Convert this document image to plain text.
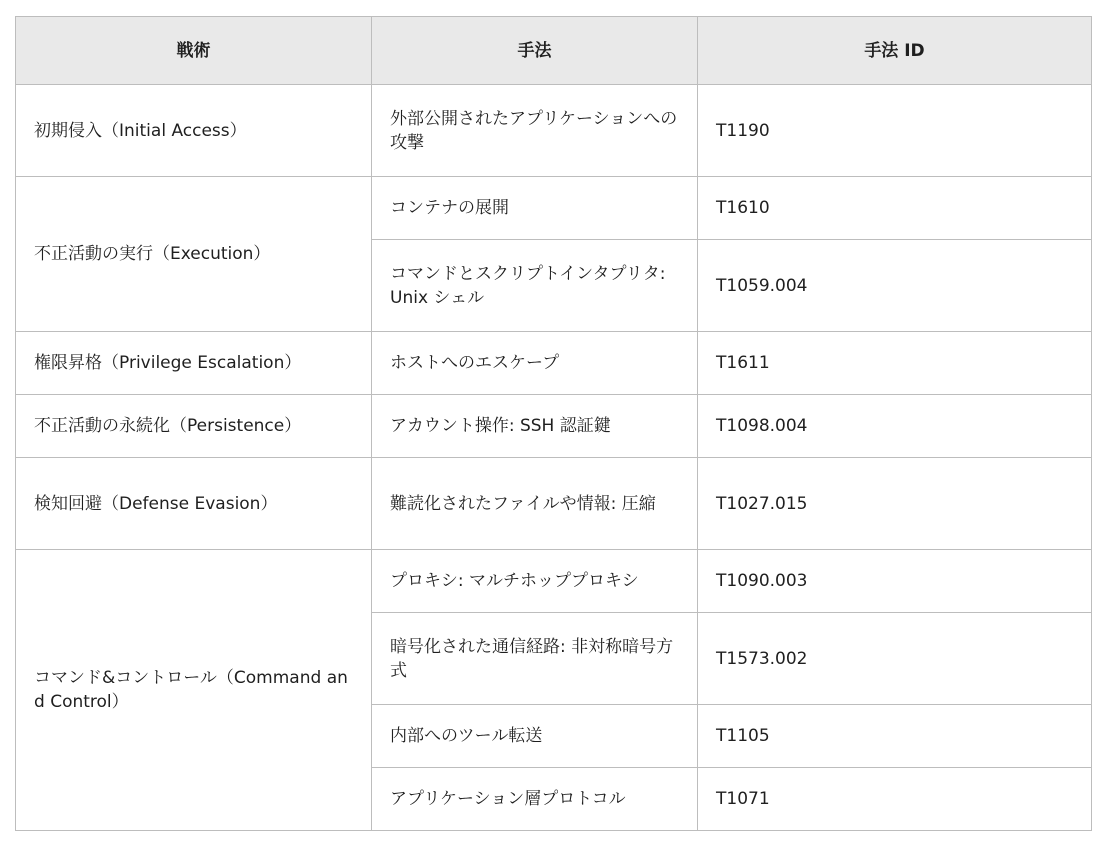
戦術	手法	手法 ID
初期侵入（Initial Access）	外部公開されたアプリケーションへの攻撃	T1190
不正活動の実行（Execution）	コンテナの展開	T1610
	コマンドとスクリプトインタプリタ: Unix シェル	T1059.004
権限昇格（Privilege Escalation）	ホストへのエスケープ	T1611
不正活動の永続化（Persistence）	アカウント操作: SSH 認証鍵	T1098.004
検知回避（Defense Evasion）	難読化されたファイルや情報: 圧縮	T1027.015
コマンド&コントロール（Command and Control）	プロキシ: マルチホッププロキシ	T1090.003
	暗号化された通信経路: 非対称暗号方式	T1573.002
	内部へのツール転送	T1105
	アプリケーション層プロトコル	T1071
